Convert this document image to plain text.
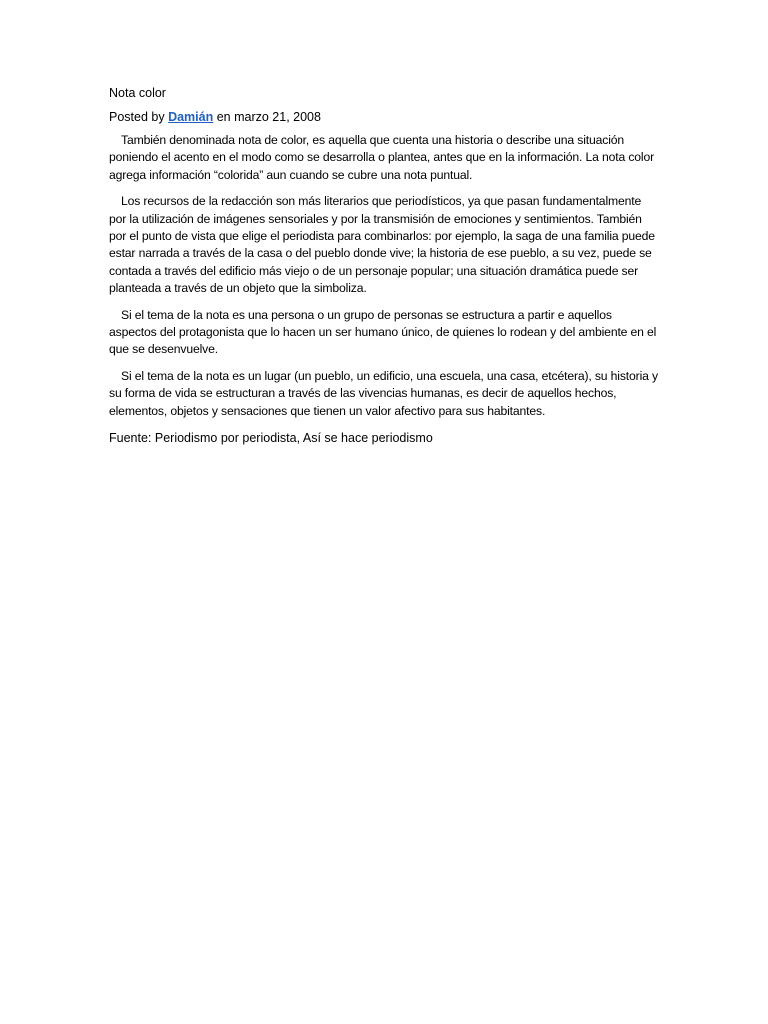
Nota color

Posted by Damián en marzo 21, 2008

También denominada nota de color, es aquella que cuenta una historia o describe una situación poniendo el acento en el modo como se desarrolla o plantea, antes que en la información. La nota color agrega información “colorida” aun cuando se cubre una nota puntual.

Los recursos de la redacción son más literarios que periodísticos, ya que pasan fundamentalmente por la utilización de imágenes sensoriales y por la transmisión de emociones y sentimientos. También por el punto de vista que elige el periodista para combinarlos: por ejemplo, la saga de una familia puede estar narrada a través de la casa o del pueblo donde vive; la historia de ese pueblo, a su vez, puede se contada a través del edificio más viejo o de un personaje popular; una situación dramática puede ser planteada a través de un objeto que la simboliza.

Si el tema de la nota es una persona o un grupo de personas se estructura a partir e aquellos aspectos del protagonista que lo hacen un ser humano único, de quienes lo rodean y del ambiente en el que se desenvuelve.

Si el tema de la nota es un lugar (un pueblo, un edificio, una escuela, una casa, etcétera), su historia y su forma de vida se estructuran a través de las vivencias humanas, es decir de aquellos hechos, elementos, objetos y sensaciones que tienen un valor afectivo para sus habitantes.

Fuente: Periodismo por periodista, Así se hace periodismo
